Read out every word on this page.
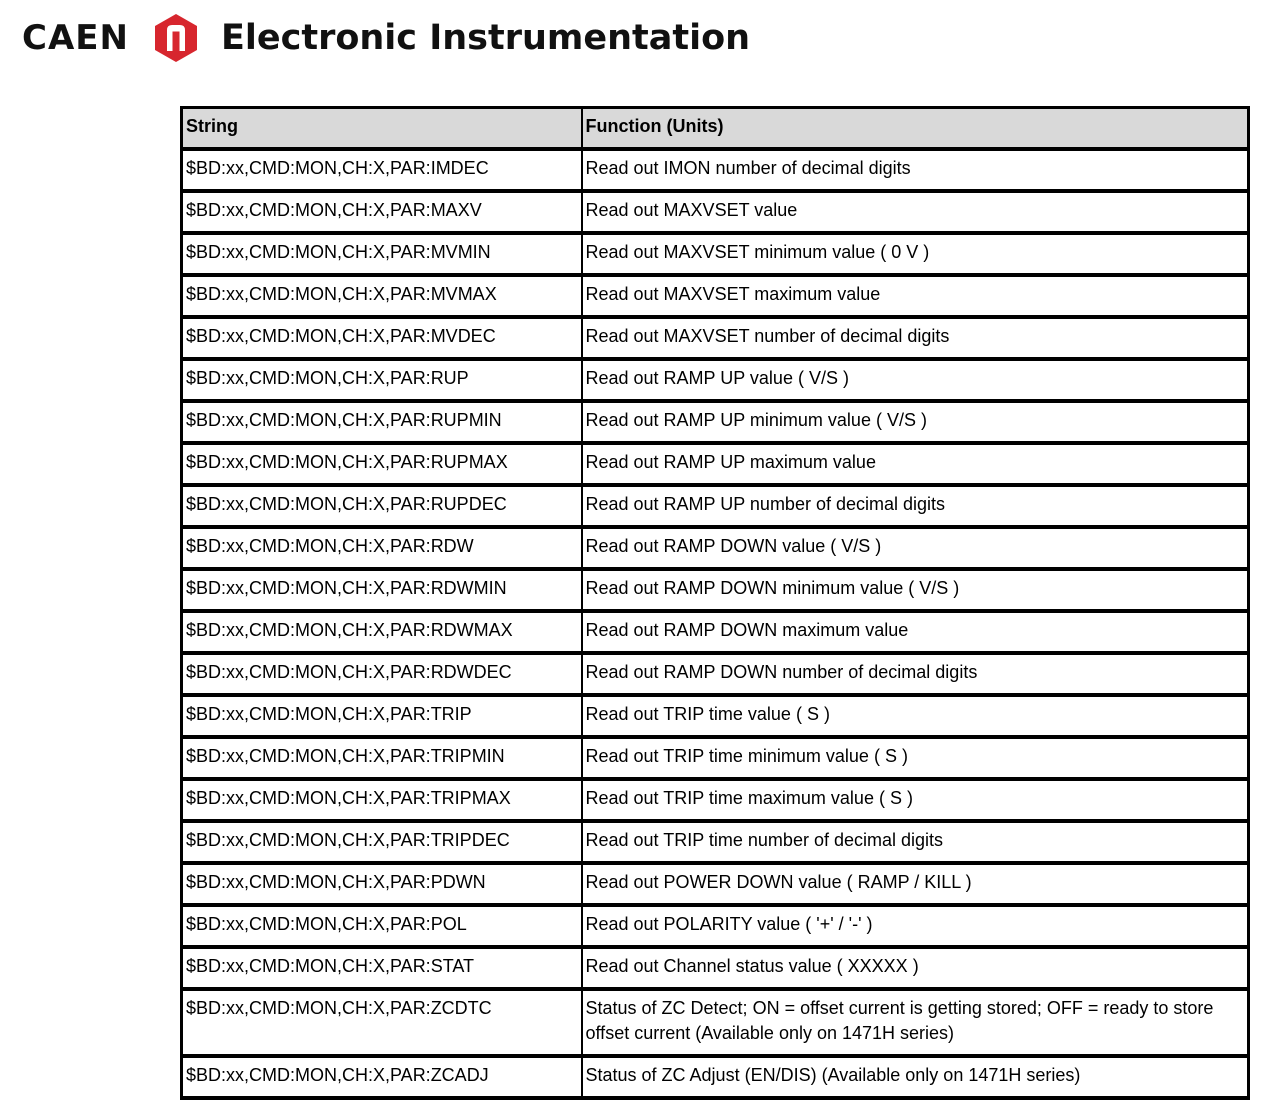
CAEN	Electronic Instrumentation
String	Function (Units)
$BD:xx,CMD:MON,CH:X,PAR:IMDEC	Read out IMON number of decimal digits
$BD:xx,CMD:MON,CH:X,PAR:MAXV	Read out MAXVSET value
$BD:xx,CMD:MON,CH:X,PAR:MVMIN	Read out MAXVSET minimum value ( 0 V )
$BD:xx,CMD:MON,CH:X,PAR:MVMAX	Read out MAXVSET maximum value
$BD:xx,CMD:MON,CH:X,PAR:MVDEC	Read out MAXVSET number of decimal digits
$BD:xx,CMD:MON,CH:X,PAR:RUP	Read out RAMP UP value ( V/S )
$BD:xx,CMD:MON,CH:X,PAR:RUPMIN	Read out RAMP UP minimum value ( V/S )
$BD:xx,CMD:MON,CH:X,PAR:RUPMAX	Read out RAMP UP maximum value
$BD:xx,CMD:MON,CH:X,PAR:RUPDEC	Read out RAMP UP number of decimal digits
$BD:xx,CMD:MON,CH:X,PAR:RDW	Read out RAMP DOWN value ( V/S )
$BD:xx,CMD:MON,CH:X,PAR:RDWMIN	Read out RAMP DOWN minimum value ( V/S )
$BD:xx,CMD:MON,CH:X,PAR:RDWMAX	Read out RAMP DOWN maximum value
$BD:xx,CMD:MON,CH:X,PAR:RDWDEC	Read out RAMP DOWN number of decimal digits
$BD:xx,CMD:MON,CH:X,PAR:TRIP	Read out TRIP time value ( S )
$BD:xx,CMD:MON,CH:X,PAR:TRIPMIN	Read out TRIP time minimum value ( S )
$BD:xx,CMD:MON,CH:X,PAR:TRIPMAX	Read out TRIP time maximum value ( S )
$BD:xx,CMD:MON,CH:X,PAR:TRIPDEC	Read out TRIP time number of decimal digits
$BD:xx,CMD:MON,CH:X,PAR:PDWN	Read out POWER DOWN value ( RAMP / KILL )
$BD:xx,CMD:MON,CH:X,PAR:POL	Read out POLARITY value ( '+' / '-' )
$BD:xx,CMD:MON,CH:X,PAR:STAT	Read out Channel status value ( XXXXX )
$BD:xx,CMD:MON,CH:X,PAR:ZCDTC	Status of ZC Detect; ON = offset current is getting stored; OFF = ready to store offset current (Available only on 1471H series)
$BD:xx,CMD:MON,CH:X,PAR:ZCADJ	Status of ZC Adjust (EN/DIS) (Available only on 1471H series)
